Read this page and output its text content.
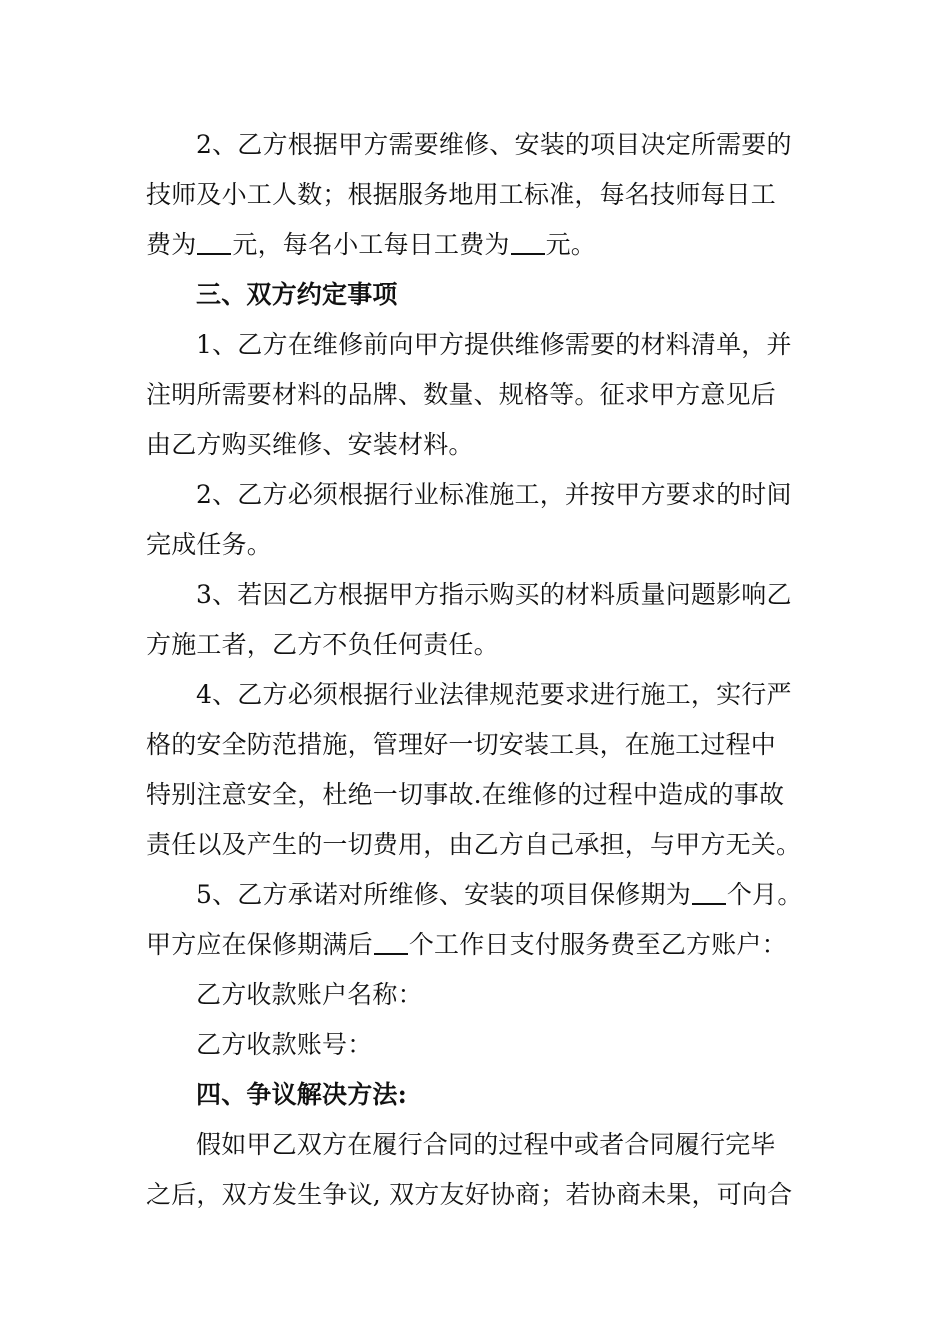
2、乙方根据甲方需要维修、安装的项目决定所需要的
技师及小工人数；根据服务地用工标准，每名技师每日工
费为 元，每名小工每日工费为 元。
三、双方约定事项
1、乙方在维修前向甲方提供维修需要的材料清单，并
注明所需要材料的品牌、数量、规格等。征求甲方意见后
由乙方购买维修、安装材料。
2、乙方必须根据行业标准施工，并按甲方要求的时间
完成任务。
3、若因乙方根据甲方指示购买的材料质量问题影响乙
方施工者，乙方不负任何责任。
4、乙方必须根据行业法律规范要求进行施工，实行严
格的安全防范措施，管理好一切安装工具，在施工过程中
特别注意安全，杜绝一切事故.在维修的过程中造成的事故
责任以及产生的一切费用，由乙方自己承担，与甲方无关。
5、乙方承诺对所维修、安装的项目保修期为 个月。
甲方应在保修期满后 个工作日支付服务费至乙方账户：
乙方收款账户名称：
乙方收款账号：
四、争议解决方法:
假如甲乙双方在履行合同的过程中或者合同履行完毕
之后，双方发生争议, 双方友好协商；若协商未果，可向合
